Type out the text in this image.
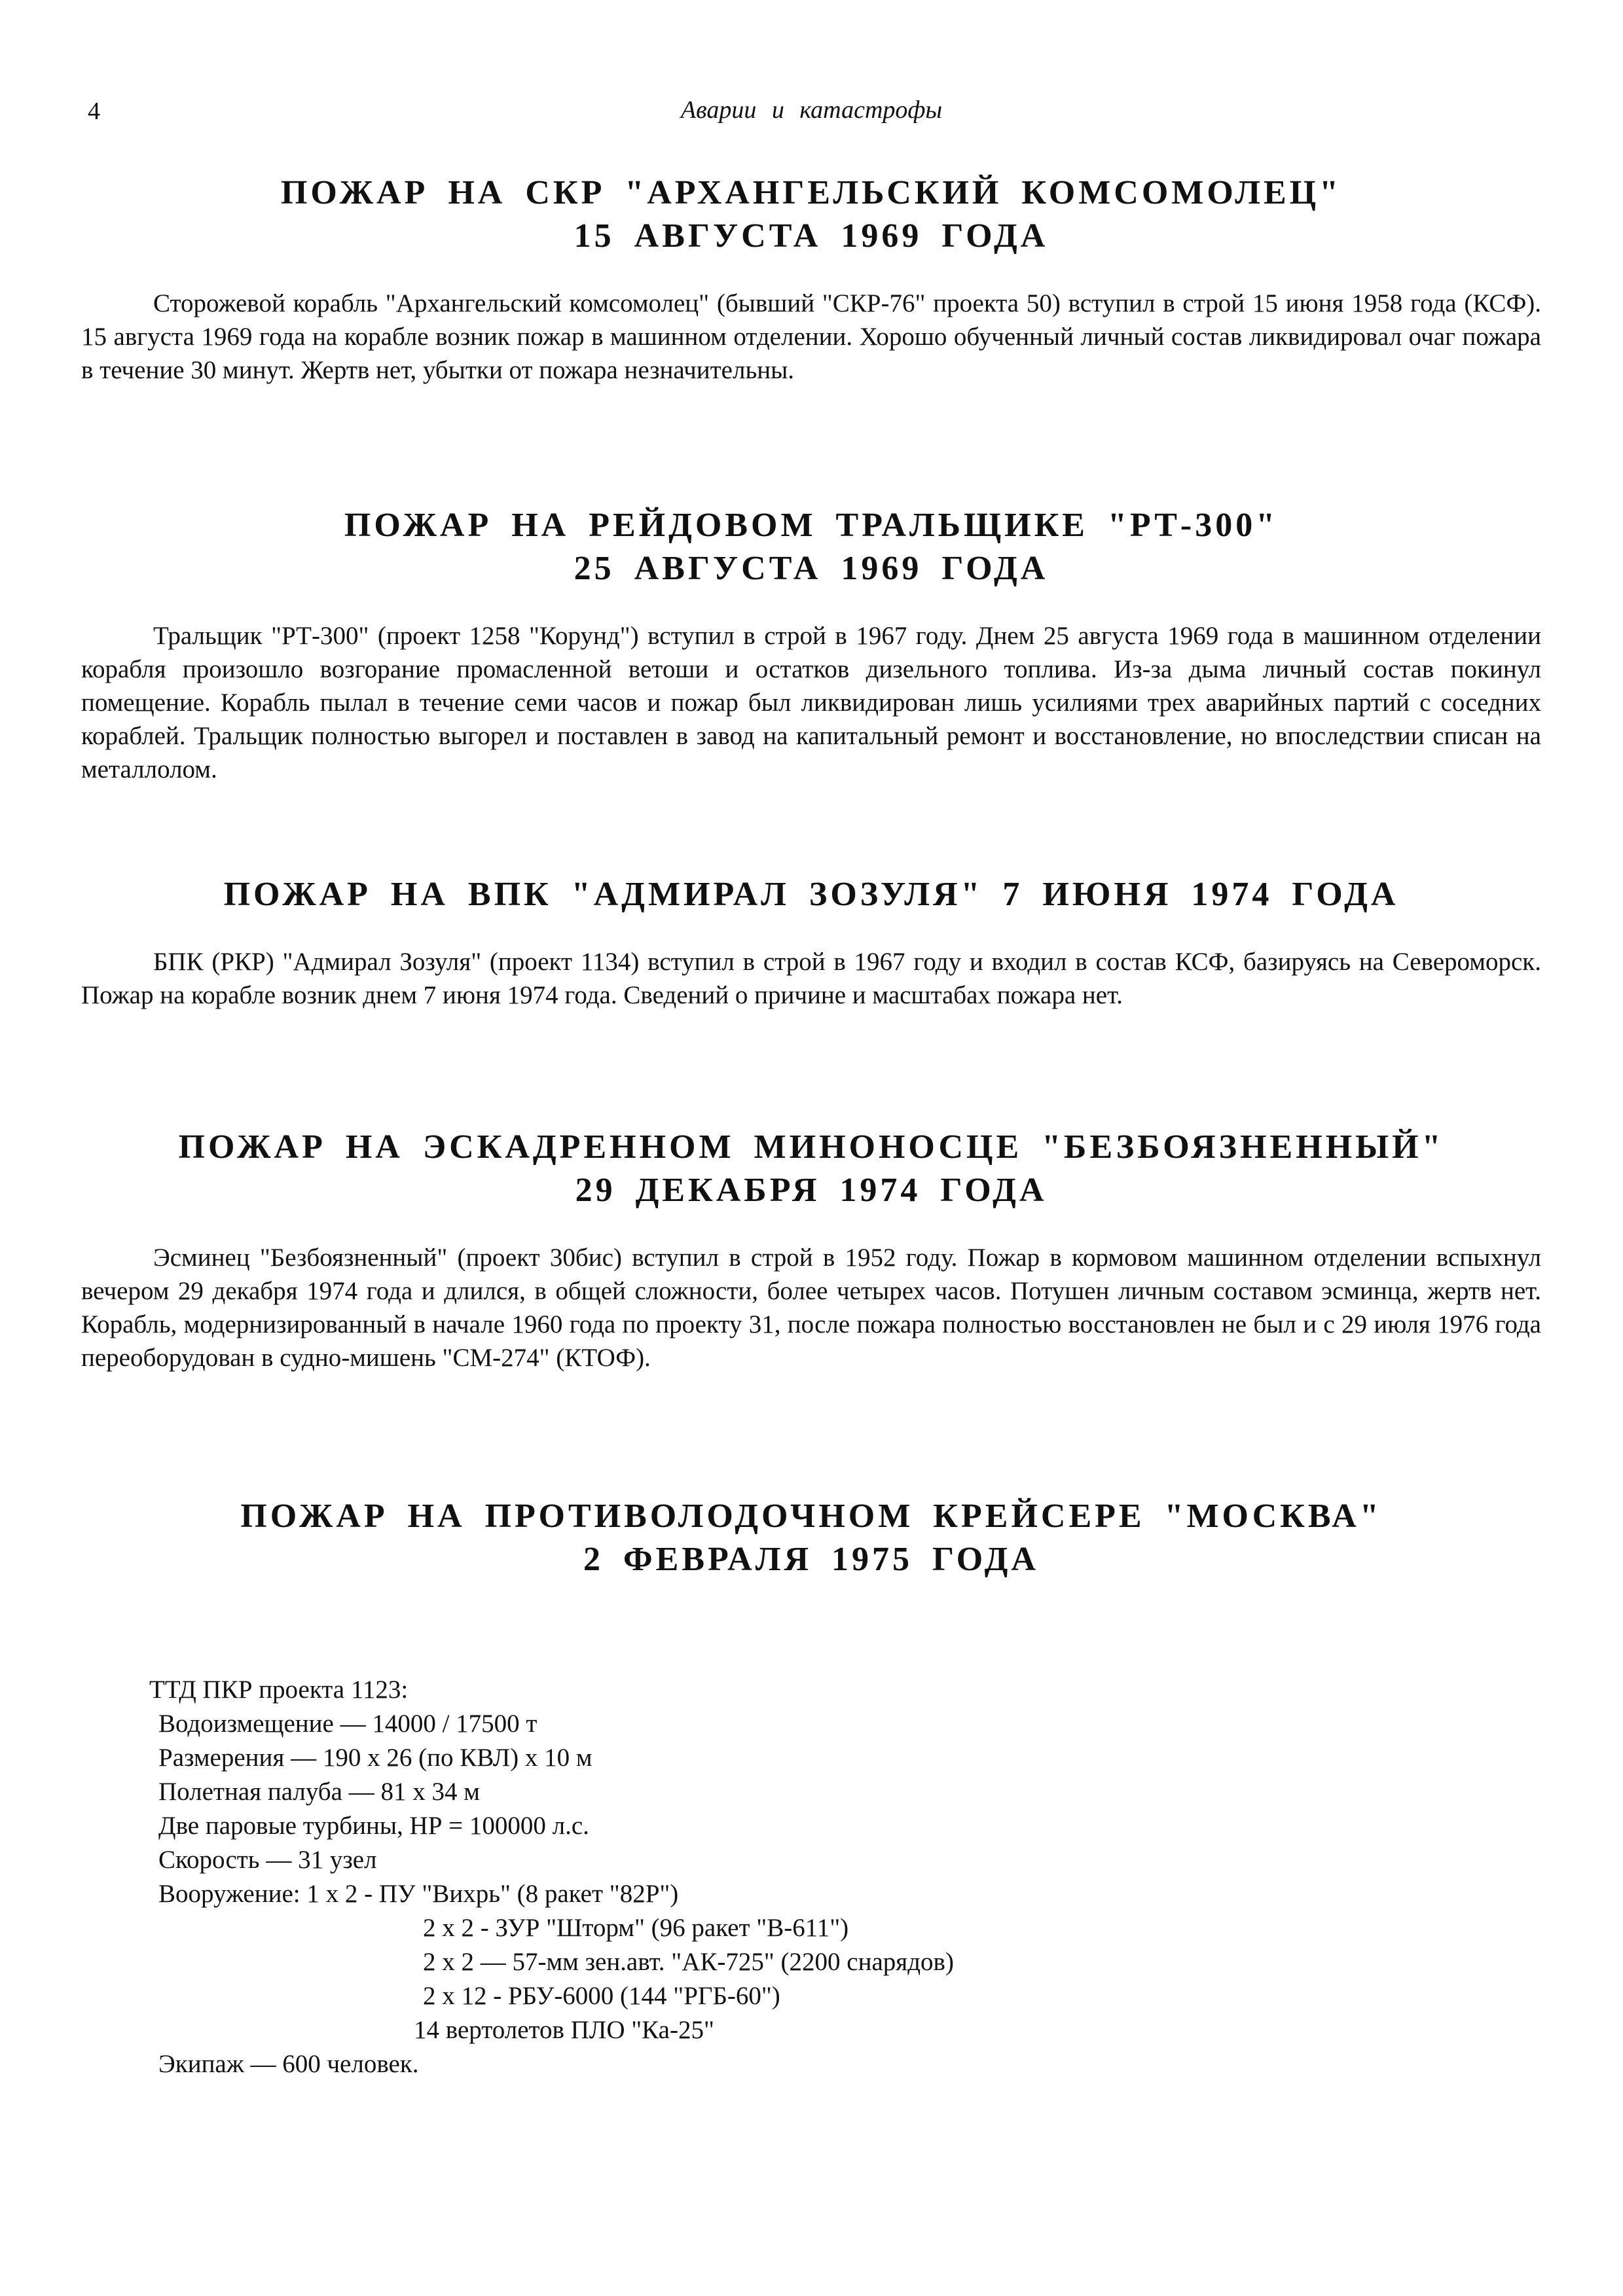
4	Аварии и катастрофы
ПОЖАР НА СКР "АРХАНГЕЛЬСКИЙ КОМСОМОЛЕЦ"
15 АВГУСТА 1969 ГОДА

Сторожевой корабль "Архангельский комсомолец" (бывший "СКР-76" проекта 50) вступил в строй 15 июня 1958 года (КСФ). 15 августа 1969 года на корабле возник пожар в машинном отделении. Хорошо обученный личный состав ликвидировал очаг пожара в течение 30 минут. Жертв нет, убытки от пожара незначительны.

ПОЖАР НА РЕЙДОВОМ ТРАЛЬЩИКЕ "РТ-300"
25 АВГУСТА 1969 ГОДА

Тральщик "РТ-300" (проект 1258 "Корунд") вступил в строй в 1967 году. Днем 25 августа 1969 года в машинном отделении корабля произошло возгорание промасленной ветоши и остатков дизельного топлива. Из-за дыма личный состав покинул помещение. Корабль пылал в течение семи часов и пожар был ликвидирован лишь усилиями трех аварийных партий с соседних кораблей. Тральщик полностью выгорел и поставлен в завод на капитальный ремонт и восстановление, но впоследствии списан на металлолом.

ПОЖАР НА ВПК "АДМИРАЛ ЗОЗУЛЯ" 7 ИЮНЯ 1974 ГОДА

БПК (РКР) "Адмирал Зозуля" (проект 1134) вступил в строй в 1967 году и входил в состав КСФ, базируясь на Североморск. Пожар на корабле возник днем 7 июня 1974 года. Сведений о причине и масштабах пожара нет.

ПОЖАР НА ЭСКАДРЕННОМ МИНОНОСЦЕ "БЕЗБОЯЗНЕННЫЙ"
29 ДЕКАБРЯ 1974 ГОДА

Эсминец "Безбоязненный" (проект 30бис) вступил в строй в 1952 году. Пожар в кормовом машинном отделении вспыхнул вечером 29 декабря 1974 года и длился, в общей сложности, более четырех часов. Потушен личным составом эсминца, жертв нет. Корабль, модернизированный в начале 1960 года по проекту 31, после пожара полностью восстановлен не был и с 29 июля 1976 года переоборудован в судно-мишень "СМ-274" (КТОФ).

ПОЖАР НА ПРОТИВОЛОДОЧНОМ КРЕЙСЕРЕ "МОСКВА"
2 ФЕВРАЛЯ 1975 ГОДА
ТТД ПКР проекта 1123:
Водоизмещение — 14000 / 17500 т
Размерения — 190 х 26 (по КВЛ) х 10 м
Полетная палуба — 81 х 34 м
Две паровые турбины, НР = 100000 л.с.
Скорость — 31 узел
Вооружение: 1 х 2 - ПУ "Вихрь" (8 ракет "82Р")
2 х 2 - ЗУР "Шторм" (96 ракет "В-611")
2 х 2 — 57-мм зен.авт. "АК-725" (2200 снарядов)
2 х 12 - РБУ-6000 (144 "РГБ-60")
14 вертолетов ПЛО "Ка-25"
Экипаж — 600 человек.
